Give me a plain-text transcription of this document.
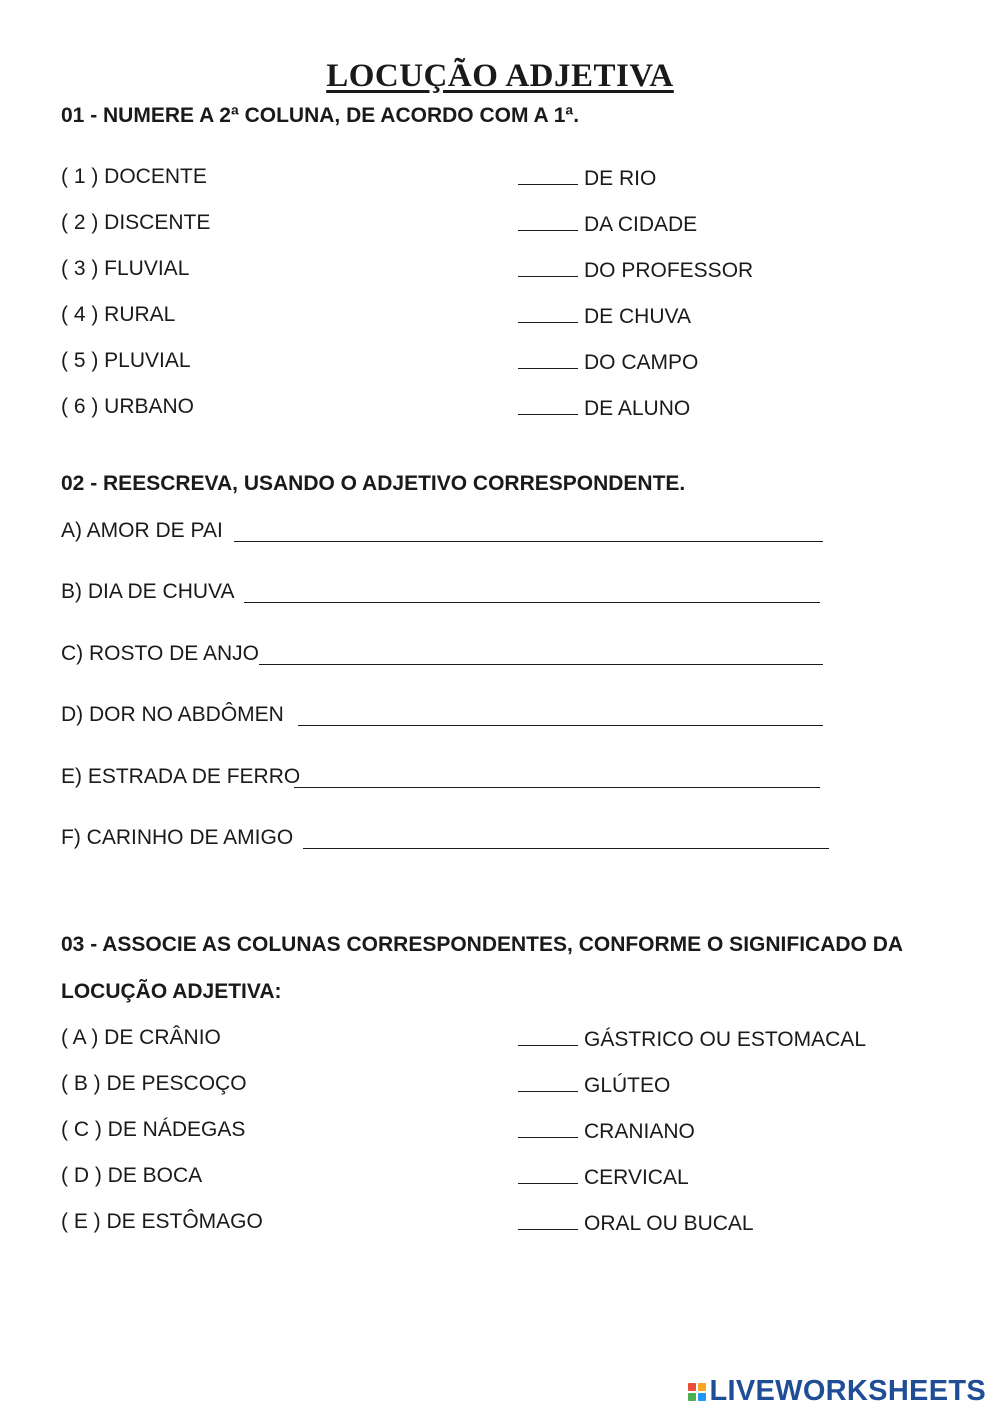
LOCUÇÃO ADJETIVA
01 - NUMERE A 2ª COLUNA, DE ACORDO COM A 1ª.
( 1 ) DOCENTE
( 2 ) DISCENTE
( 3 ) FLUVIAL
( 4 ) RURAL
( 5 ) PLUVIAL
( 6 ) URBANO
DE RIO
DA CIDADE
DO PROFESSOR
DE CHUVA
DO CAMPO
DE ALUNO
02 - REESCREVA, USANDO O ADJETIVO CORRESPONDENTE.
A) AMOR DE PAI
B) DIA DE CHUVA
C) ROSTO DE ANJO
D) DOR NO ABDÔMEN
E) ESTRADA DE FERRO
F) CARINHO DE AMIGO
03 - ASSOCIE AS COLUNAS CORRESPONDENTES, CONFORME O SIGNIFICADO DA
LOCUÇÃO ADJETIVA:
( A ) DE CRÂNIO
( B ) DE PESCOÇO
( C ) DE NÁDEGAS
( D ) DE BOCA
( E ) DE ESTÔMAGO
GÁSTRICO OU ESTOMACAL
GLÚTEO
CRANIANO
CERVICAL
ORAL OU BUCAL
LIVEWORKSHEETS
